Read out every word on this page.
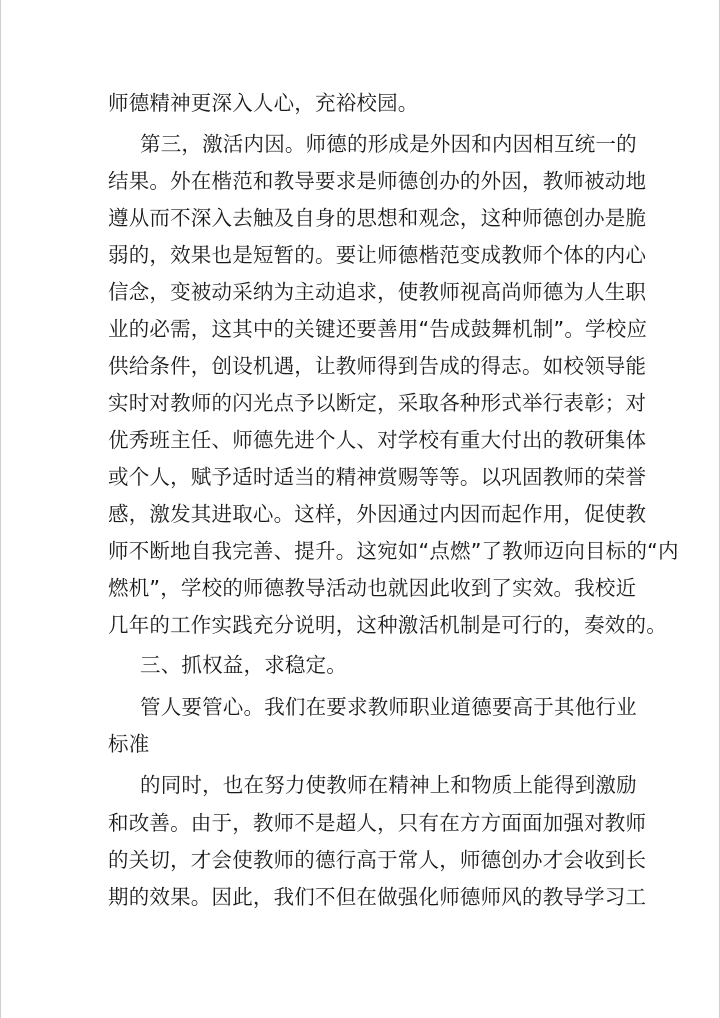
师德精神更深入人心，充裕校园。
第三，激活内因。师德的形成是外因和内因相互统一的
结果。外在楷范和教导要求是师德创办的外因，教师被动地
遵从而不深入去触及自身的思想和观念，这种师德创办是脆
弱的，效果也是短暂的。要让师德楷范变成教师个体的内心
信念，变被动采纳为主动追求，使教师视高尚师德为人生职
业的必需，这其中的关键还要善用“告成鼓舞机制”。学校应
供给条件，创设机遇，让教师得到告成的得志。如校领导能
实时对教师的闪光点予以断定，采取各种形式举行表彰；对
优秀班主任、师德先进个人、对学校有重大付出的教研集体
或个人，赋予适时适当的精神赏赐等等。以巩固教师的荣誉
感，激发其进取心。这样，外因通过内因而起作用，促使教
师不断地自我完善、提升。这宛如“点燃”了教师迈向目标的“内
燃机”，学校的师德教导活动也就因此收到了实效。我校近
几年的工作实践充分说明，这种激活机制是可行的，奏效的。
三、抓权益，求稳定。
管人要管心。我们在要求教师职业道德要高于其他行业
标准
的同时，也在努力使教师在精神上和物质上能得到激励
和改善。由于，教师不是超人，只有在方方面面加强对教师
的关切，才会使教师的德行高于常人，师德创办才会收到长
期的效果。因此，我们不但在做强化师德师风的教导学习工
